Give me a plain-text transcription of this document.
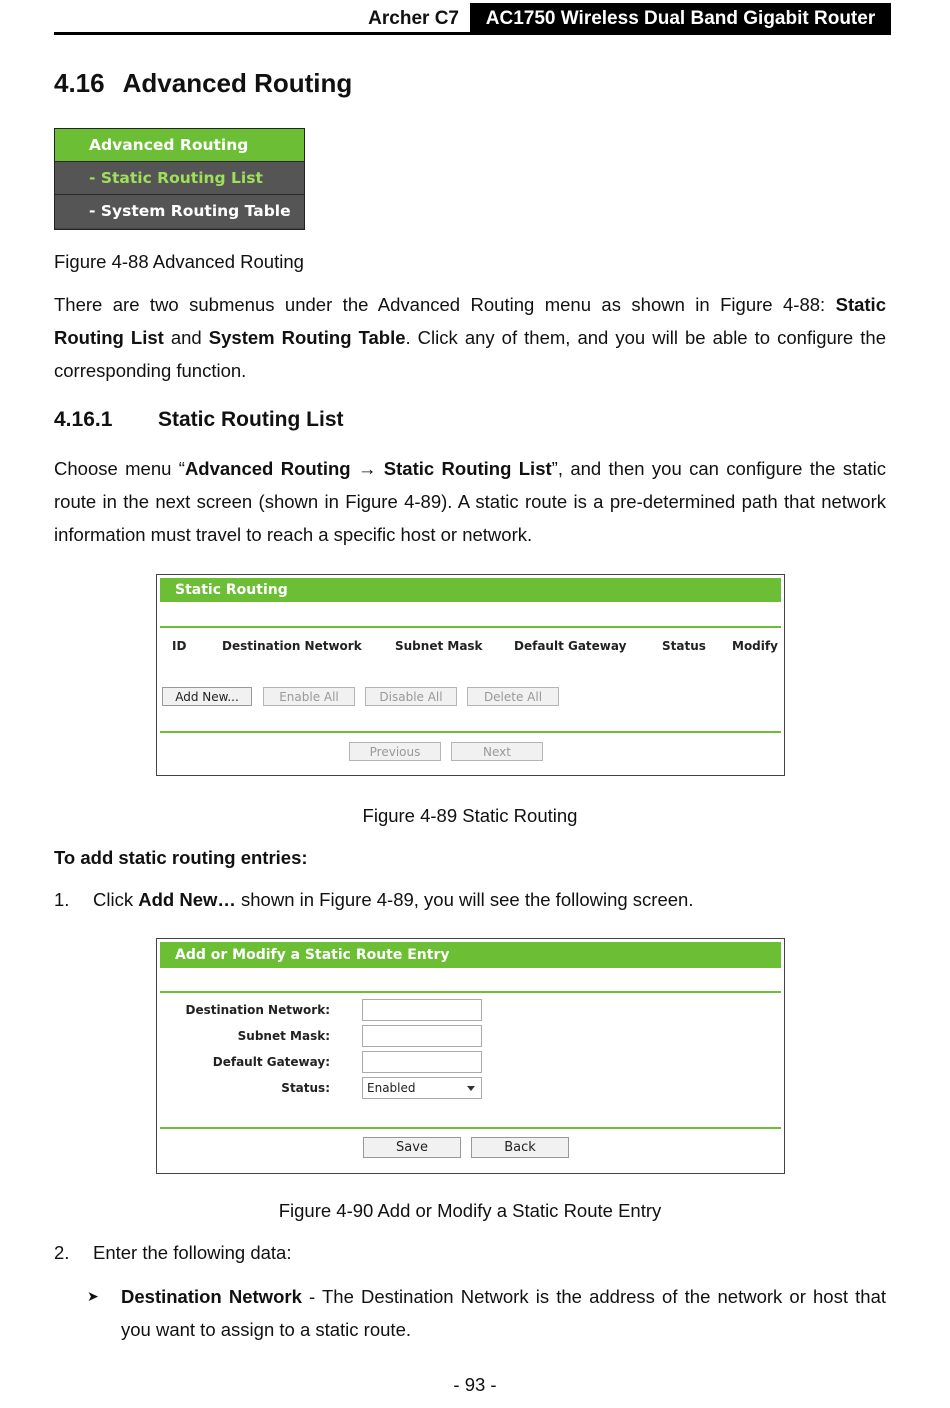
Archer C7	AC1750 Wireless Dual Band Gigabit Router
4.16 Advanced Routing
Advanced Routing
- Static Routing List
- System Routing Table
Figure 4-88 Advanced Routing

There are two submenus under the Advanced Routing menu as shown in Figure 4-88: Static Routing List and System Routing Table. Click any of them, and you will be able to configure the corresponding function.

4.16.1 Static Routing List

Choose menu “Advanced Routing → Static Routing List”, and then you can configure the static route in the next screen (shown in Figure 4-89). A static route is a pre-determined path that network information must travel to reach a specific host or network.

Static Routing
ID	Destination Network	Subnet Mask	Default Gateway	Status Modify
Add New...	Enable All	Disable All	Delete All
Previous	Next
Figure 4-89 Static Routing
To add static routing entries:
1. Click Add New… shown in Figure 4-89, you will see the following screen.
Add or Modify a Static Route Entry
Destination Network:
Subnet Mask:
Default Gateway:
Status:	Enabled
Save	Back
Figure 4-90 Add or Modify a Static Route Entry
2. Enter the following data:
➤ Destination Network - The Destination Network is the address of the network or host that you want to assign to a static route.

- 93 -
